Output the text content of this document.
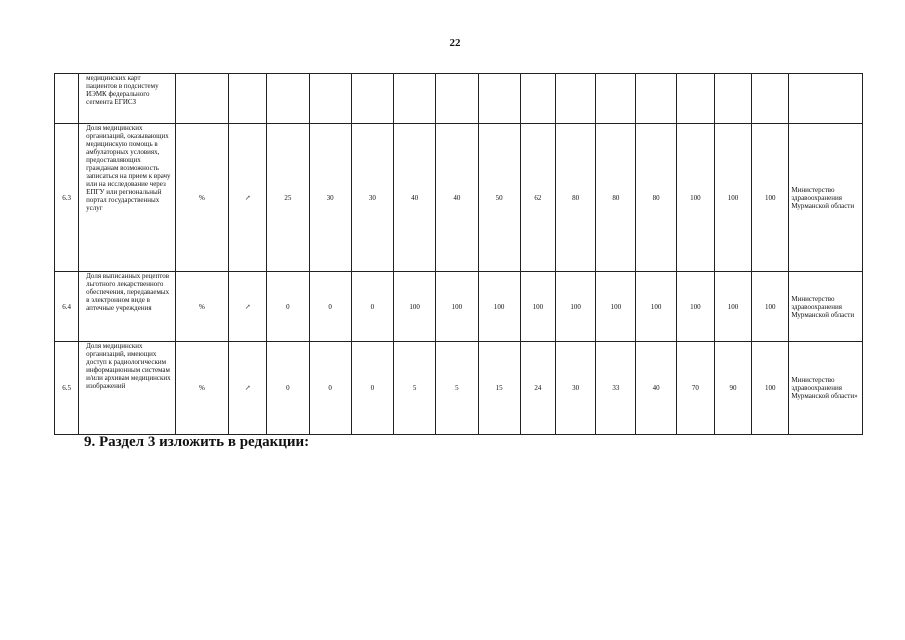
22
	медицинских карт пациентов в подсистему ИЭМК федерального сегмента ЕГИСЗ																
6.3	Доля медицинских организаций, оказывающих медицинскую помощь в амбулаторных условиях, предоставляющих гражданам возможность записаться на прием к врачу или на исследование через ЕПГУ или региональный портал государственных услуг	%	↗	25	30	30	40	40	50	62	80	80	80	100	100	100	Министерство здравоохранения Мурманской области
6.4	Доля выписанных рецептов льготного лекарственного обеспечения, передаваемых в электронном виде в аптечные учреждения	%	↗	0	0	0	100	100	100	100	100	100	100	100	100	100	Министерство здравоохранения Мурманской области
6.5	Доля медицинских организаций, имеющих доступ к радиологическим информационным системам и/или архивам медицинских изображений	%	↗	0	0	0	5	5	15	24	30	33	40	70	90	100	Министерство здравоохранения Мурманской области»
9. Раздел 3 изложить в редакции:
